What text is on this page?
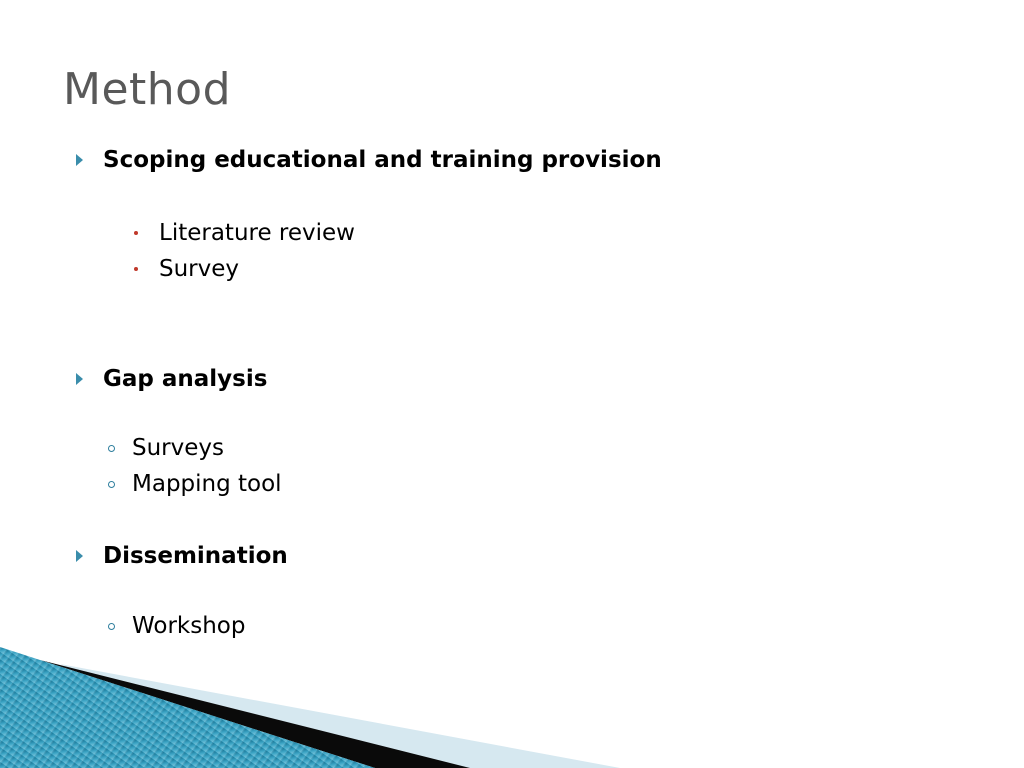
Method
Scoping educational and training provision
Literature review
Survey
Gap analysis
Surveys
Mapping tool
Dissemination
Workshop
